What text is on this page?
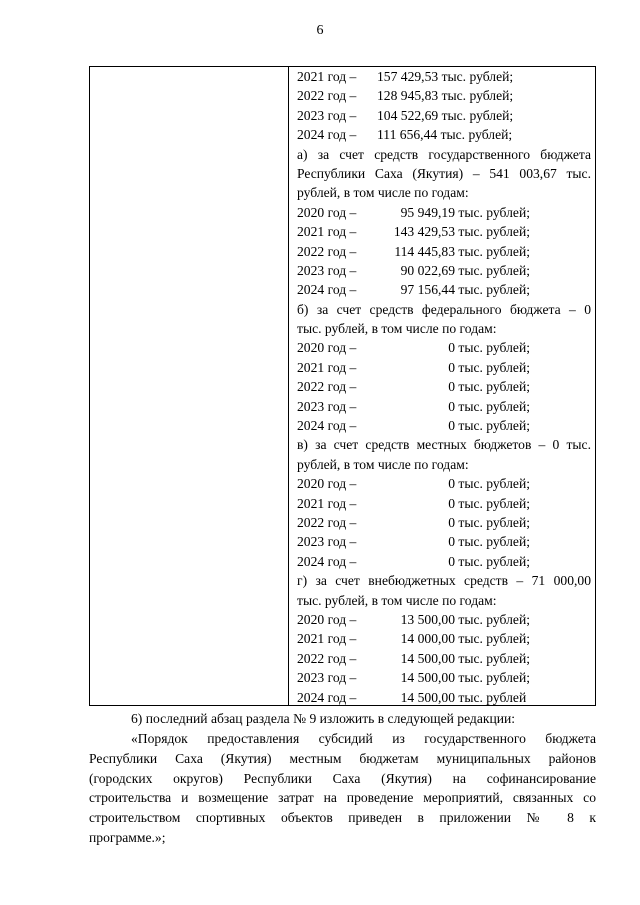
6
2021 год – 157 429,53 тыс. рублей;
2022 год – 128 945,83 тыс. рублей;
2023 год – 104 522,69 тыс. рублей;
2024 год – 111 656,44 тыс. рублей;
а) за счет средств государственного бюджета
Республики Саха (Якутия) – 541 003,67 тыс.
рублей, в том числе по годам:
2020 год –	95 949,19 тыс. рублей;
2021 год –	143 429,53 тыс. рублей;
2022 год –	114 445,83 тыс. рублей;
2023 год –	90 022,69 тыс. рублей;
2024 год –	97 156,44 тыс. рублей;
б) за счет средств федерального бюджета – 0
тыс. рублей, в том числе по годам:
2020 год –	0 тыс. рублей;
2021 год –	0 тыс. рублей;
2022 год –	0 тыс. рублей;
2023 год –	0 тыс. рублей;
2024 год –	0 тыс. рублей;
в) за счет средств местных бюджетов – 0 тыс.
рублей, в том числе по годам:
2020 год –	0 тыс. рублей;
2021 год –	0 тыс. рублей;
2022 год –	0 тыс. рублей;
2023 год –	0 тыс. рублей;
2024 год –	0 тыс. рублей;
г) за счет внебюджетных средств – 71 000,00
тыс. рублей, в том числе по годам:
2020 год –	13 500,00 тыс. рублей;
2021 год –	14 000,00 тыс. рублей;
2022 год –	14 500,00 тыс. рублей;
2023 год –	14 500,00 тыс. рублей;
2024 год –	14 500,00 тыс. рублей
6) последний абзац раздела № 9 изложить в следующей редакции:
«Порядок предоставления субсидий из государственного бюджета
Республики Саха (Якутия) местным бюджетам муниципальных районов
(городских округов) Республики Саха (Якутия) на софинансирование
строительства и возмещение затрат на проведение мероприятий, связанных со
строительством спортивных объектов приведен в приложении № 8 к
программе.»;
